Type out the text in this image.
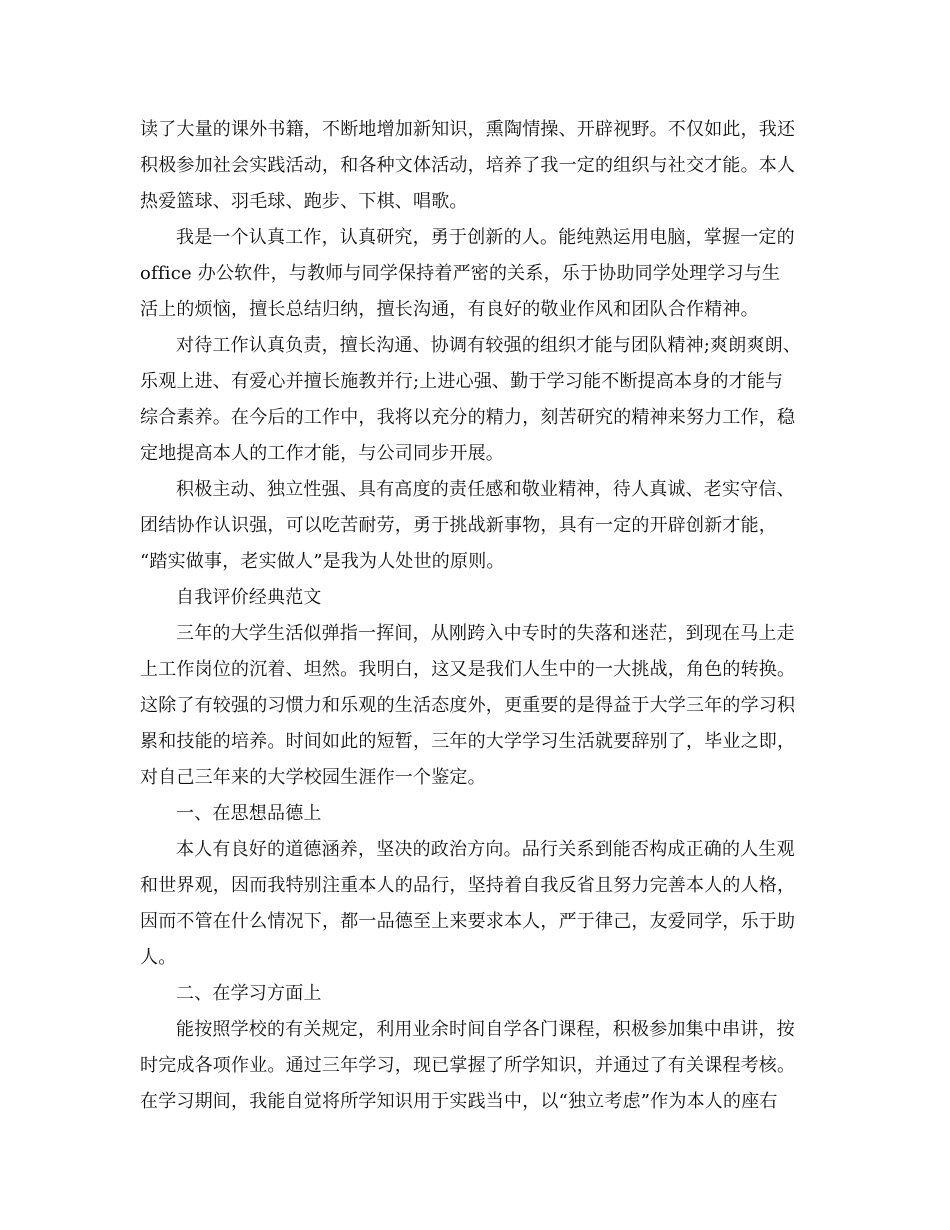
读了大量的课外书籍，不断地增加新知识，熏陶情操、开辟视野。不仅如此，我还
积极参加社会实践活动，和各种文体活动，培养了我一定的组织与社交才能。本人
热爱篮球、羽毛球、跑步、下棋、唱歌。
我是一个认真工作，认真研究，勇于创新的人。能纯熟运用电脑，掌握一定的
office 办公软件，与教师与同学保持着严密的关系，乐于协助同学处理学习与生
活上的烦恼，擅长总结归纳，擅长沟通，有良好的敬业作风和团队合作精神。
对待工作认真负责，擅长沟通、协调有较强的组织才能与团队精神;爽朗爽朗、
乐观上进、有爱心并擅长施教并行;上进心强、勤于学习能不断提高本身的才能与
综合素养。在今后的工作中，我将以充分的精力，刻苦研究的精神来努力工作，稳
定地提高本人的工作才能，与公司同步开展。
积极主动、独立性强、具有高度的责任感和敬业精神，待人真诚、老实守信、
团结协作认识强，可以吃苦耐劳，勇于挑战新事物，具有一定的开辟创新才能，
“踏实做事，老实做人”是我为人处世的原则。
自我评价经典范文
三年的大学生活似弹指一挥间，从刚跨入中专时的失落和迷茫，到现在马上走
上工作岗位的沉着、坦然。我明白，这又是我们人生中的一大挑战，角色的转换。
这除了有较强的习惯力和乐观的生活态度外，更重要的是得益于大学三年的学习积
累和技能的培养。时间如此的短暂，三年的大学学习生活就要辞别了，毕业之即，
对自己三年来的大学校园生涯作一个鉴定。
一、在思想品德上
本人有良好的道德涵养，坚决的政治方向。品行关系到能否构成正确的人生观
和世界观，因而我特别注重本人的品行，坚持着自我反省且努力完善本人的人格，
因而不管在什么情况下，都一品德至上来要求本人，严于律己，友爱同学，乐于助
人。
二、在学习方面上
能按照学校的有关规定，利用业余时间自学各门课程，积极参加集中串讲，按
时完成各项作业。通过三年学习，现已掌握了所学知识，并通过了有关课程考核。
在学习期间，我能自觉将所学知识用于实践当中，以“独立考虑”作为本人的座右
